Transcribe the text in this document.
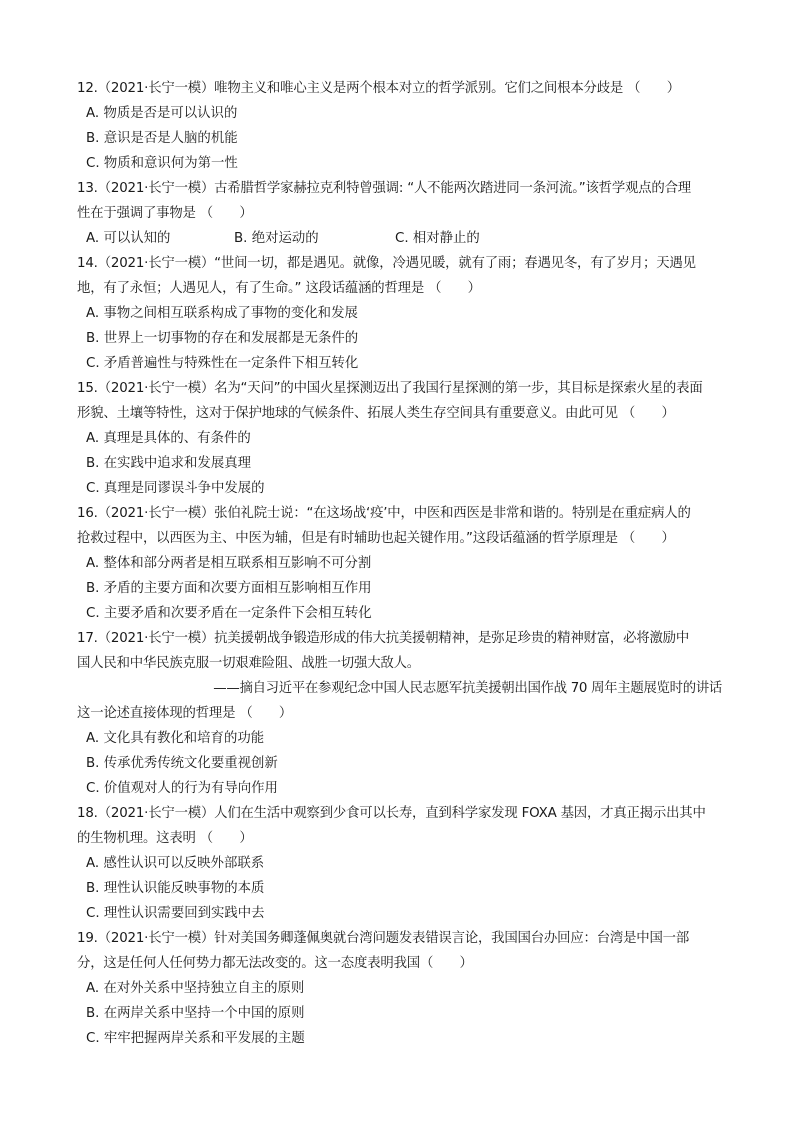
12.（2021·长宁一模）唯物主义和唯心主义是两个根本对立的哲学派别。它们之间根本分歧是 （　　）
A. 物质是否是可以认识的
B. 意识是否是人脑的机能
C. 物质和意识何为第一性
13.（2021·长宁一模）古希腊哲学家赫拉克利特曾强调: “人不能两次踏进同一条河流。”该哲学观点的合理
性在于强调了事物是 （　　）
A. 可以认知的	B. 绝对运动的	C. 相对静止的
14.（2021·长宁一模）“世间一切，都是遇见。就像，冷遇见暖，就有了雨；春遇见冬，有了岁月；天遇见
地，有了永恒；人遇见人，有了生命。” 这段话蕴涵的哲理是 （　　）
A. 事物之间相互联系构成了事物的变化和发展
B. 世界上一切事物的存在和发展都是无条件的
C. 矛盾普遍性与特殊性在一定条件下相互转化
15.（2021·长宁一模）名为“天问”的中国火星探测迈出了我国行星探测的第一步，其目标是探索火星的表面
形貌、土壤等特性，这对于保护地球的气候条件、拓展人类生存空间具有重要意义。由此可见 （　　）
A. 真理是具体的、有条件的
B. 在实践中追求和发展真理
C. 真理是同谬误斗争中发展的
16.（2021·长宁一模）张伯礼院士说：“在这场战‘疫’中，中医和西医是非常和谐的。特别是在重症病人的
抢救过程中，以西医为主、中医为辅，但是有时辅助也起关键作用。”这段话蕴涵的哲学原理是 （　　）
A. 整体和部分两者是相互联系相互影响不可分割
B. 矛盾的主要方面和次要方面相互影响相互作用
C. 主要矛盾和次要矛盾在一定条件下会相互转化
17.（2021·长宁一模）抗美援朝战争锻造形成的伟大抗美援朝精神，是弥足珍贵的精神财富，必将激励中
国人民和中华民族克服一切艰难险阻、战胜一切强大敌人。
——摘自习近平在参观纪念中国人民志愿军抗美援朝出国作战 70 周年主题展览时的讲话
这一论述直接体现的哲理是 （　　）
A. 文化具有教化和培育的功能
B. 传承优秀传统文化要重视创新
C. 价值观对人的行为有导向作用
18.（2021·长宁一模）人们在生活中观察到少食可以长寿，直到科学家发现 FOXA 基因，才真正揭示出其中
的生物机理。这表明 （　　）
A. 感性认识可以反映外部联系
B. 理性认识能反映事物的本质
C. 理性认识需要回到实践中去
19.（2021·长宁一模）针对美国务卿蓬佩奥就台湾问题发表错误言论，我国国台办回应：台湾是中国一部
分，这是任何人任何势力都无法改变的。这一态度表明我国（　　）
A. 在对外关系中坚持独立自主的原则
B. 在两岸关系中坚持一个中国的原则
C. 牢牢把握两岸关系和平发展的主题
